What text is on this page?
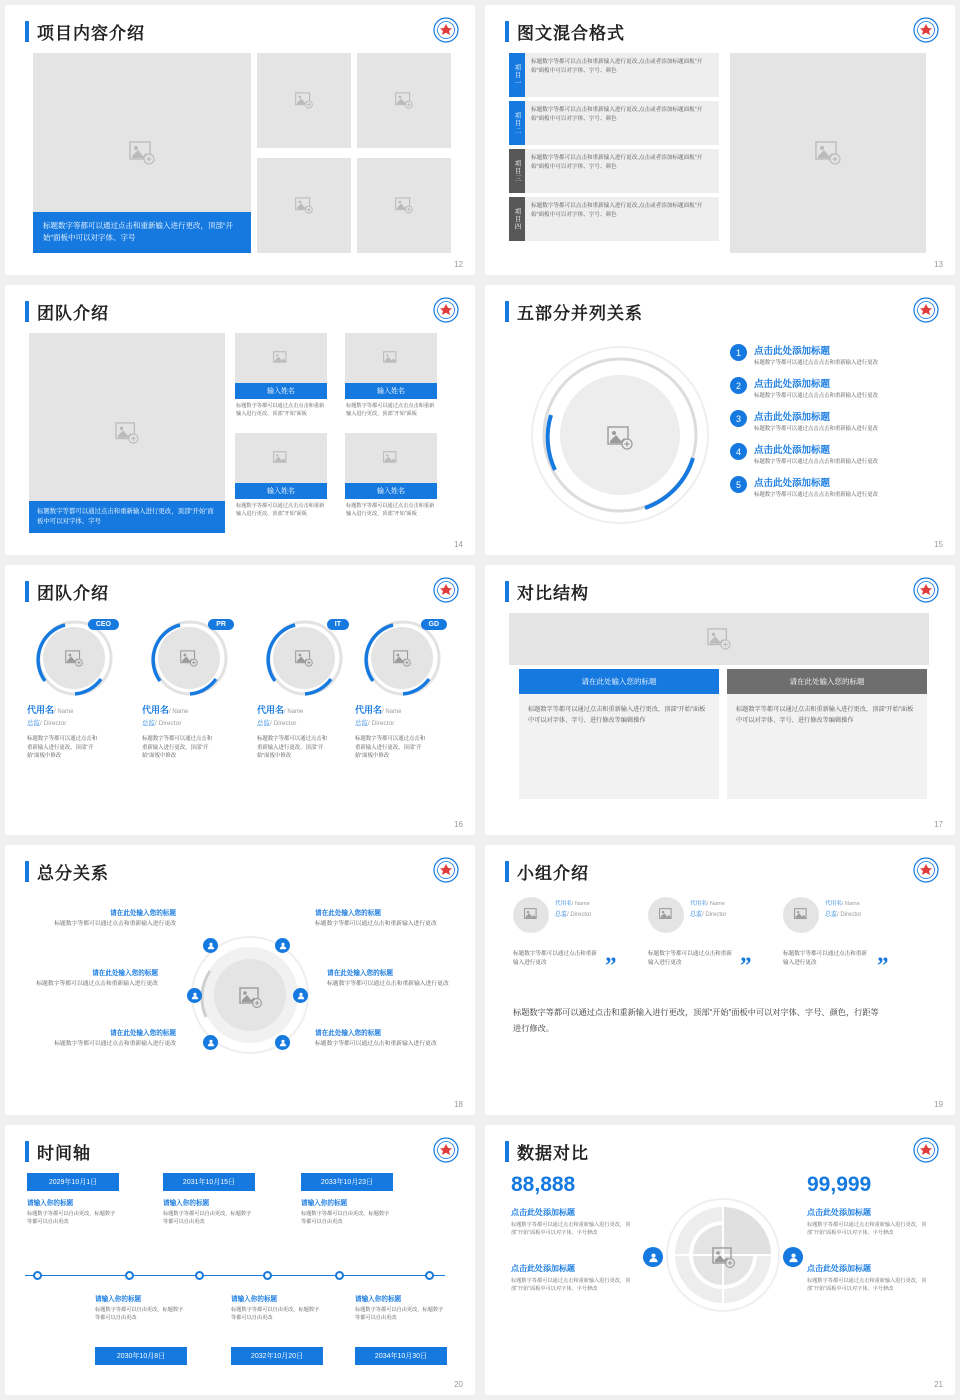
项目内容介绍
标题数字等都可以通过点击和重新输入进行更改，顶部“开始”面板中可以对字体、字号
12
图文混合格式
项目一
标题数字等都可以点击和重新输入进行更改,点击或者添加标题面板“开始”面板中可以对字体、字号、颜色
项目二
标题数字等都可以点击和重新输入进行更改,点击或者添加标题面板“开始”面板中可以对字体、字号、颜色
项目三
标题数字等都可以点击和重新输入进行更改,点击或者添加标题面板“开始”面板中可以对字体、字号、颜色
项目四
标题数字等都可以点击和重新输入进行更改,点击或者添加标题面板“开始”面板中可以对字体、字号、颜色
13
团队介绍
标题数字等都可以通过点击和重新输入进行更改，顶部“开始”面板中可以对字体、字号
输入姓名
标题数字等都可以通过点击点击和重新输入进行更改，顶部“开始”面板
输入姓名
标题数字等都可以通过点击点击和重新输入进行更改，顶部“开始”面板
输入姓名
标题数字等都可以通过点击点击和重新输入进行更改，顶部“开始”面板
输入姓名
标题数字等都可以通过点击点击和重新输入进行更改，顶部“开始”面板
14
五部分并列关系
1	点击此处添加标题
标题数字等都可以通过点击点击和重新输入进行更改
2	点击此处添加标题
标题数字等都可以通过点击点击和重新输入进行更改
3	点击此处添加标题
标题数字等都可以通过点击点击和重新输入进行更改
4	点击此处添加标题
标题数字等都可以通过点击点击和重新输入进行更改
5	点击此处添加标题
标题数字等都可以通过点击点击和重新输入进行更改
15
团队介绍
CEO
代用名/ Name
总监/ Director
标题数字等都可以通过点击和重新输入进行更改，顶部“开始”面板中修改
PR
代用名/ Name
总监/ Director
标题数字等都可以通过点击和重新输入进行更改，顶部“开始”面板中修改
IT
代用名/ Name
总监/ Director
标题数字等都可以通过点击和重新输入进行更改，顶部“开始”面板中修改
GD
代用名/ Name
总监/ Director
标题数字等都可以通过点击和重新输入进行更改，顶部“开始”面板中修改
16
对比结构
请在此处输入您的标题
标题数字等都可以通过点击和重新输入进行更改，顶部“开始”面板中可以对字体、字号、进行修改等编辑操作
请在此处输入您的标题
标题数字等都可以通过点击和重新输入进行更改，顶部“开始”面板中可以对字体、字号、进行修改等编辑操作
17
总分关系
请在此处输入您的标题
标题数字等都可以通过点击和重新输入进行更改
请在此处输入您的标题
标题数字等都可以通过点击和重新输入进行更改
请在此处输入您的标题
标题数字等都可以通过点击和重新输入进行更改
请在此处输入您的标题
标题数字等都可以通过点击和重新输入进行更改
请在此处输入您的标题
标题数字等都可以通过点击和重新输入进行更改
请在此处输入您的标题
标题数字等都可以通过点击和重新输入进行更改
18
小组介绍
代用名/ Name
总监/ Director
标题数字等都可以通过点击和重新输入进行更改	”
代用名/ Name
总监/ Director
标题数字等都可以通过点击和重新输入进行更改	”
代用名/ Name
总监/ Director
标题数字等都可以通过点击和重新输入进行更改	”
标题数字等都可以通过点击和重新输入进行更改，顶部“开始”面板中可以对字体、字号、颜色，行距等进行修改。
19
时间轴
2029年10月1日
请输入你的标题
标题数字等都可以自由更改，标题数字等都可以自由更改
2031年10月15日
请输入你的标题
标题数字等都可以自由更改，标题数字等都可以自由更改
2033年10月23日
请输入你的标题
标题数字等都可以自由更改，标题数字等都可以自由更改
请输入你的标题
标题数字等都可以自由更改，标题数字等都可以自由更改
2030年10月8日
请输入你的标题
标题数字等都可以自由更改，标题数字等都可以自由更改
2032年10月20日
请输入你的标题
标题数字等都可以自由更改，标题数字等都可以自由更改
2034年10月30日
20
数据对比
88,888
点击此处添加标题
标题数字等都可以通过点击和重新输入进行更改，顶部“开始”面板中可以对字体、字号修改
点击此处添加标题
标题数字等都可以通过点击和重新输入进行更改，顶部“开始”面板中可以对字体、字号修改
99,999
点击此处添加标题
标题数字等都可以通过点击和重新输入进行更改，顶部“开始”面板中可以对字体、字号修改
点击此处添加标题
标题数字等都可以通过点击和重新输入进行更改，顶部“开始”面板中可以对字体、字号修改
21
